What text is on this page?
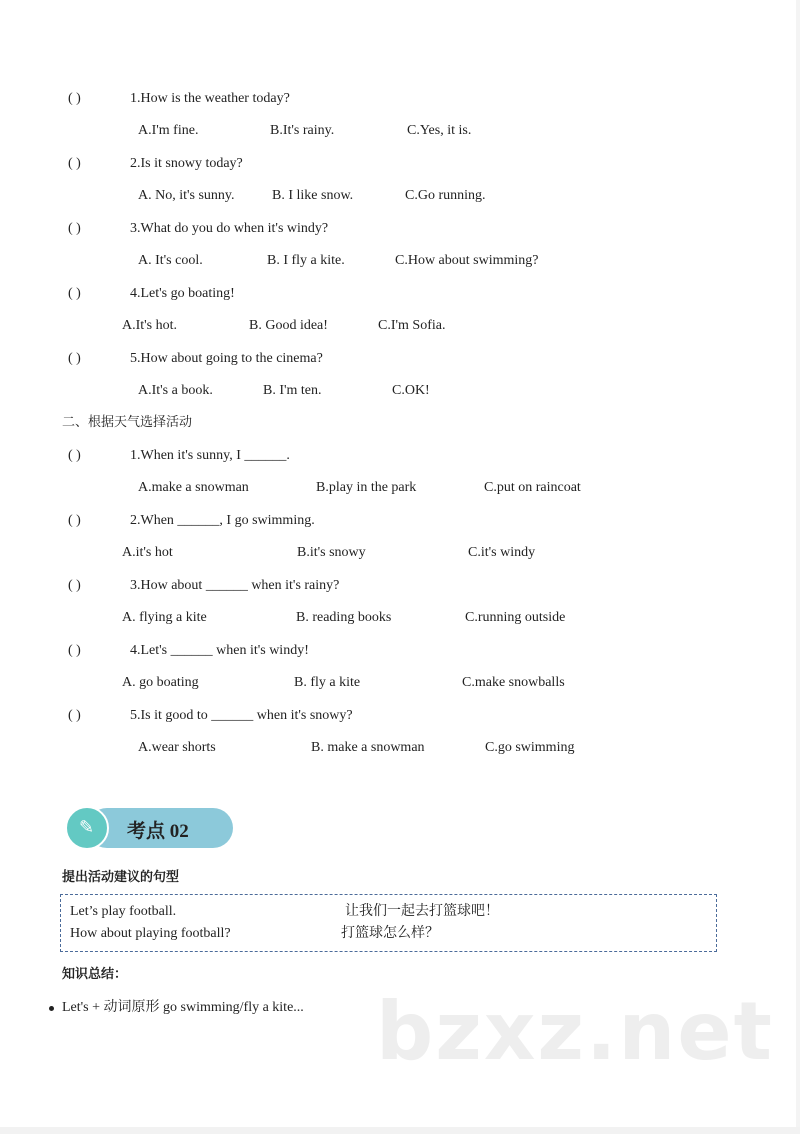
( )	1.How is the weather today?
A.I'm fine.	B.It's rainy.	C.Yes, it is.
( )	2.Is it snowy today?
A. No, it's sunny.	B. I like snow.	C.Go running.
( )	3.What do you do when it's windy?
A. It's cool.	B. I fly a kite.	C.How about swimming?
( )	4.Let's go boating!
A.It's hot.	B. Good idea!	C.I'm Sofia.
( )	5.How about going to the cinema?
A.It's a book.	B. I'm ten.	C.OK!
二、根据天气选择活动
( )	1.When it's sunny, I ______.
A.make a snowman	B.play in the park	C.put on raincoat
( )	2.When ______, I go swimming.
A.it's hot	B.it's snowy	C.it's windy
( )	3.How about ______ when it's rainy?
A. flying a kite	B. reading books	C.running outside
( )	4.Let's ______ when it's windy!
A. go boating	B. fly a kite	C.make snowballs
( )	5.Is it good to ______ when it's snowy?
A.wear shorts	B. make a snowman	C.go swimming
✎ 考点 02
提出活动建议的句型
Let’s play football.	让我们一起去打篮球吧！
How about playing football?	打篮球怎么样？
知识总结：
Let's + 动词原形 go swimming/fly a kite... bzxz.net
